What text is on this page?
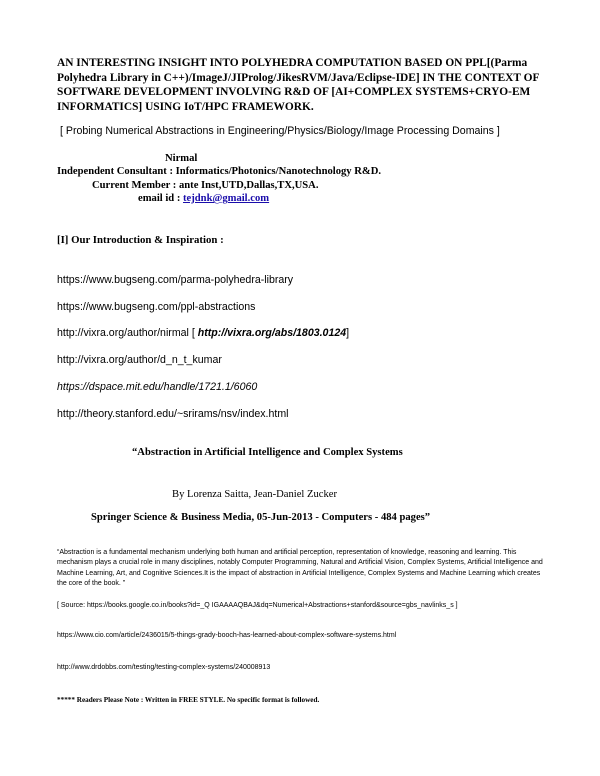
AN INTERESTING INSIGHT INTO POLYHEDRA COMPUTATION BASED ON PPL[(Parma Polyhedra Library in C++)/ImageJ/JIProlog/JikesRVM/Java/Eclipse-IDE] IN THE CONTEXT OF SOFTWARE DEVELOPMENT INVOLVING R&D OF [AI+COMPLEX SYSTEMS+CRYO-EM INFORMATICS] USING IoT/HPC FRAMEWORK.
[ Probing Numerical Abstractions in Engineering/Physics/Biology/Image Processing Domains ]
Nirmal
Independent Consultant : Informatics/Photonics/Nanotechnology R&D.
Current Member : ante Inst,UTD,Dallas,TX,USA.
email id : tejdnk@gmail.com
[I] Our Introduction & Inspiration :
https://www.bugseng.com/parma-polyhedra-library
https://www.bugseng.com/ppl-abstractions
http://vixra.org/author/nirmal [ http://vixra.org/abs/1803.0124]
http://vixra.org/author/d_n_t_kumar
https://dspace.mit.edu/handle/1721.1/6060
http://theory.stanford.edu/~srirams/nsv/index.html
“Abstraction in Artificial Intelligence and Complex Systems
By Lorenza Saitta, Jean-Daniel Zucker
Springer Science & Business Media, 05-Jun-2013 - Computers - 484 pages”
“Abstraction is a fundamental mechanism underlying both human and artificial perception, representation of knowledge, reasoning and learning. This mechanism plays a crucial role in many disciplines, notably Computer Programming, Natural and Artificial Vision, Complex Systems, Artificial Intelligence and Machine Learning, Art, and Cognitive Sciences.It is the impact of abstraction in Artificial Intelligence, Complex Systems and Machine Learning which creates the core of the book. ”
[ Source: https://books.google.co.in/books?id=_Q IGAAAAQBAJ&dq=Numerical+Abstractions+stanford&source=gbs_navlinks_s ]
https://www.cio.com/article/2436015/5-things-grady-booch-has-learned-about-complex-software-systems.html
http://www.drdobbs.com/testing/testing-complex-systems/240008913
***** Readers Please Note : Written in FREE STYLE. No specific format is followed.
